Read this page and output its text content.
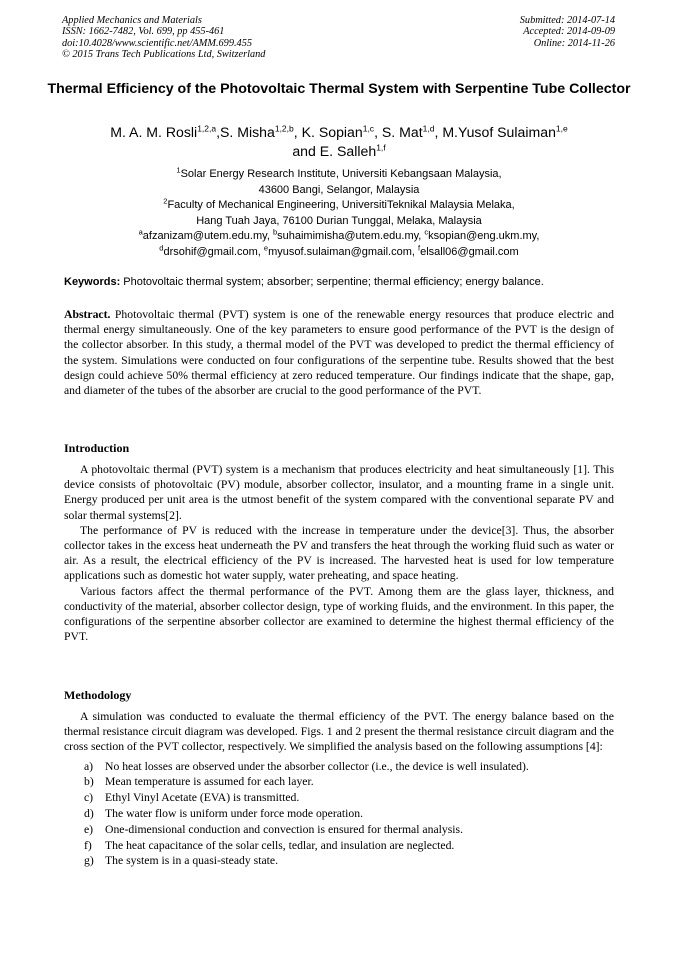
Applied Mechanics and Materials
ISSN: 1662-7482, Vol. 699, pp 455-461
doi:10.4028/www.scientific.net/AMM.699.455
© 2015 Trans Tech Publications Ltd, Switzerland
Submitted: 2014-07-14
Accepted: 2014-09-09
Online: 2014-11-26
Thermal Efficiency of the Photovoltaic Thermal System with Serpentine Tube Collector

M. A. M. Rosli$^{1,2,a}$,S. Misha$^{1,2,b}$, K. Sopian$^{1,c}$, S. Mat$^{1,d}$, M.Yusof Sulaiman$^{1,e}$
and E. Salleh$^{1,f}$

$^1$Solar Energy Research Institute, Universiti Kebangsaan Malaysia,
43600 Bangi, Selangor, Malaysia
$^2$Faculty of Mechanical Engineering, UniversitiTeknikal Malaysia Melaka,
Hang Tuah Jaya, 76100 Durian Tunggal, Melaka, Malaysia
$^a$afzanizam@utem.edu.my, $^b$suhaimimisha@utem.edu.my, $^c$ksopian@eng.ukm.my,
$^d$drsohif@gmail.com, $^e$myusof.sulaiman@gmail.com, $^f$elsall06@gmail.com

Keywords: Photovoltaic thermal system; absorber; serpentine; thermal efficiency; energy balance.

Abstract. Photovoltaic thermal (PVT) system is one of the renewable energy resources that produce electric and thermal energy simultaneously. One of the key parameters to ensure good performance of the PVT is the design of the collector absorber. In this study, a thermal model of the PVT was developed to predict the thermal efficiency of the system. Simulations were conducted on four configurations of the serpentine tube. Results showed that the best design could achieve 50% thermal efficiency at zero reduced temperature. Our findings indicate that the shape, gap, and diameter of the tubes of the absorber are crucial to the good performance of the PVT.

Introduction

A photovoltaic thermal (PVT) system is a mechanism that produces electricity and heat simultaneously [1]. This device consists of photovoltaic (PV) module, absorber collector, insulator, and a mounting frame in a single unit. Energy produced per unit area is the utmost benefit of the system compared with the conventional separate PV and solar thermal systems[2].

The performance of PV is reduced with the increase in temperature under the device[3]. Thus, the absorber collector takes in the excess heat underneath the PV and transfers the heat through the working fluid such as water or air. As a result, the electrical efficiency of the PV is increased. The harvested heat is used for low temperature applications such as domestic hot water supply, water preheating, and space heating.

Various factors affect the thermal performance of the PVT. Among them are the glass layer, thickness, and conductivity of the material, absorber collector design, type of working fluids, and the environment. In this paper, the configurations of the serpentine absorber collector are examined to determine the highest thermal efficiency of the PVT.

Methodology

A simulation was conducted to evaluate the thermal efficiency of the PVT. The energy balance based on the thermal resistance circuit diagram was developed. Figs. 1 and 2 present the thermal resistance circuit diagram and the cross section of the PVT collector, respectively. We simplified the analysis based on the following assumptions [4]:

a) No heat losses are observed under the absorber collector (i.e., the device is well insulated).
b) Mean temperature is assumed for each layer.
c) Ethyl Vinyl Acetate (EVA) is transmitted.
d) The water flow is uniform under force mode operation.
e) One-dimensional conduction and convection is ensured for thermal analysis.
f) The heat capacitance of the solar cells, tedlar, and insulation are neglected.
g) The system is in a quasi-steady state.
